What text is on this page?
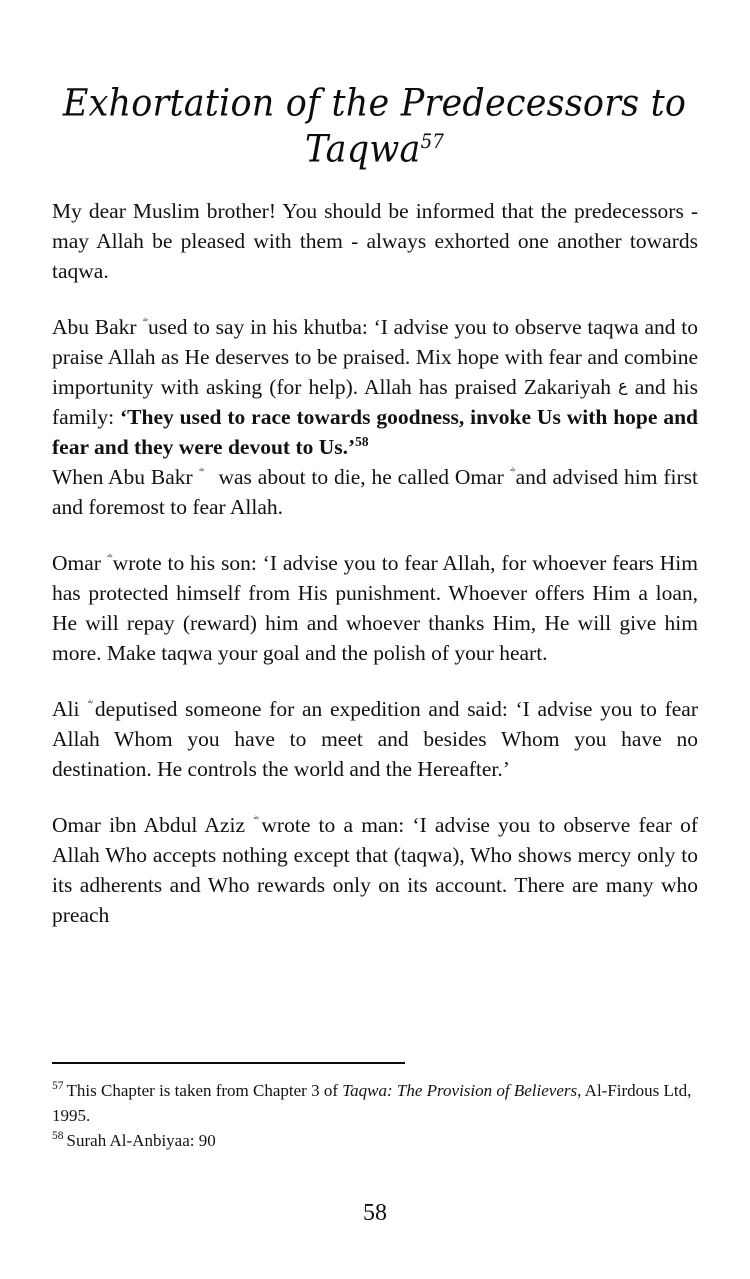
Exhortation of the Predecessors to
Taqwa$^{57}$

My dear Muslim brother! You should be informed that the predecessors - may Allah be pleased with them - always exhorted one another towards taqwa.

Abu Bakr  used to say in his khutba: ‘I advise you to observe taqwa and to praise Allah as He deserves to be praised. Mix hope with fear and combine importunity with asking (for help). Allah has praised Zakariyah ع and his family: ‘They used to race towards goodness, invoke Us with hope and fear and they were devout to Us.’$^{58}$

When Abu Bakr  was about to die, he called Omar  and advised him first and foremost to fear Allah.

Omar  wrote to his son: ‘I advise you to fear Allah, for whoever fears Him has protected himself from His punishment. Whoever offers Him a loan, He will repay (reward) him and whoever thanks Him, He will give him more. Make taqwa your goal and the polish of your heart.

Ali  deputised someone for an expedition and said: ‘I advise you to fear Allah Whom you have to meet and besides Whom you have no destination. He controls the world and the Hereafter.’

Omar ibn Abdul Aziz  wrote to a man: ‘I advise you to observe fear of Allah Who accepts nothing except that (taqwa), Who shows mercy only to its adherents and Who rewards only on its account. There are many who preach

$^{57}$ This Chapter is taken from Chapter 3 of Taqwa: The Provision of Believers, Al-Firdous Ltd, 1995.

$^{58}$ Surah Al-Anbiyaa: 90

58
